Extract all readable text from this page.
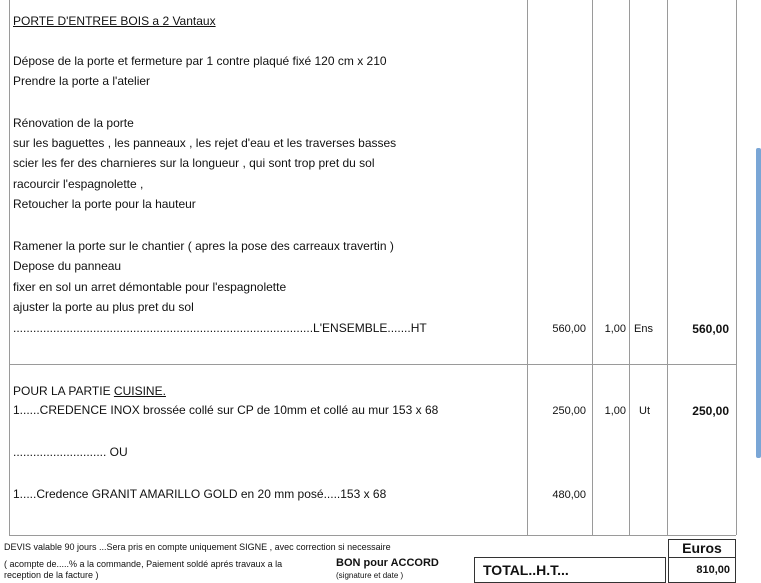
PORTE D'ENTREE BOIS a 2 Vantaux
Dépose de la porte et fermeture par 1 contre plaqué fixé 120 cm x 210
Prendre la porte a l'atelier
Rénovation de la porte
sur les baguettes , les panneaux , les rejet d'eau et les traverses basses
scier les fer des charnieres sur la longueur , qui sont trop pret du sol
racourcir l'espagnolette ,
Retoucher la porte pour la hauteur
Ramener la porte sur le chantier ( apres la pose des carreaux travertin )
Depose du panneau
fixer en sol un arret démontable pour l'espagnolette
ajuster la porte au plus pret du sol
..........................................................................................L'ENSEMBLE.......HT	560,00	1,00 Ens	560,00
POUR LA PARTIE CUISINE.
1......CREDENCE INOX brossée collé sur CP de 10mm et collé au mur 153 x 68	250,00	1,00 Ut	250,00
............................ OU
1.....Credence GRANIT AMARILLO GOLD en 20 mm posé.....153 x 68	480,00
DEVIS valable 90 jours ...Sera pris en compte uniquement SIGNE , avec correction si necessaire
( acompte de.....% a la commande, Paiement soldé aprés travaux a la
reception de la facture )
BON pour ACCORD
(signature et date )	TOTAL..H.T...
Euros
810,00
